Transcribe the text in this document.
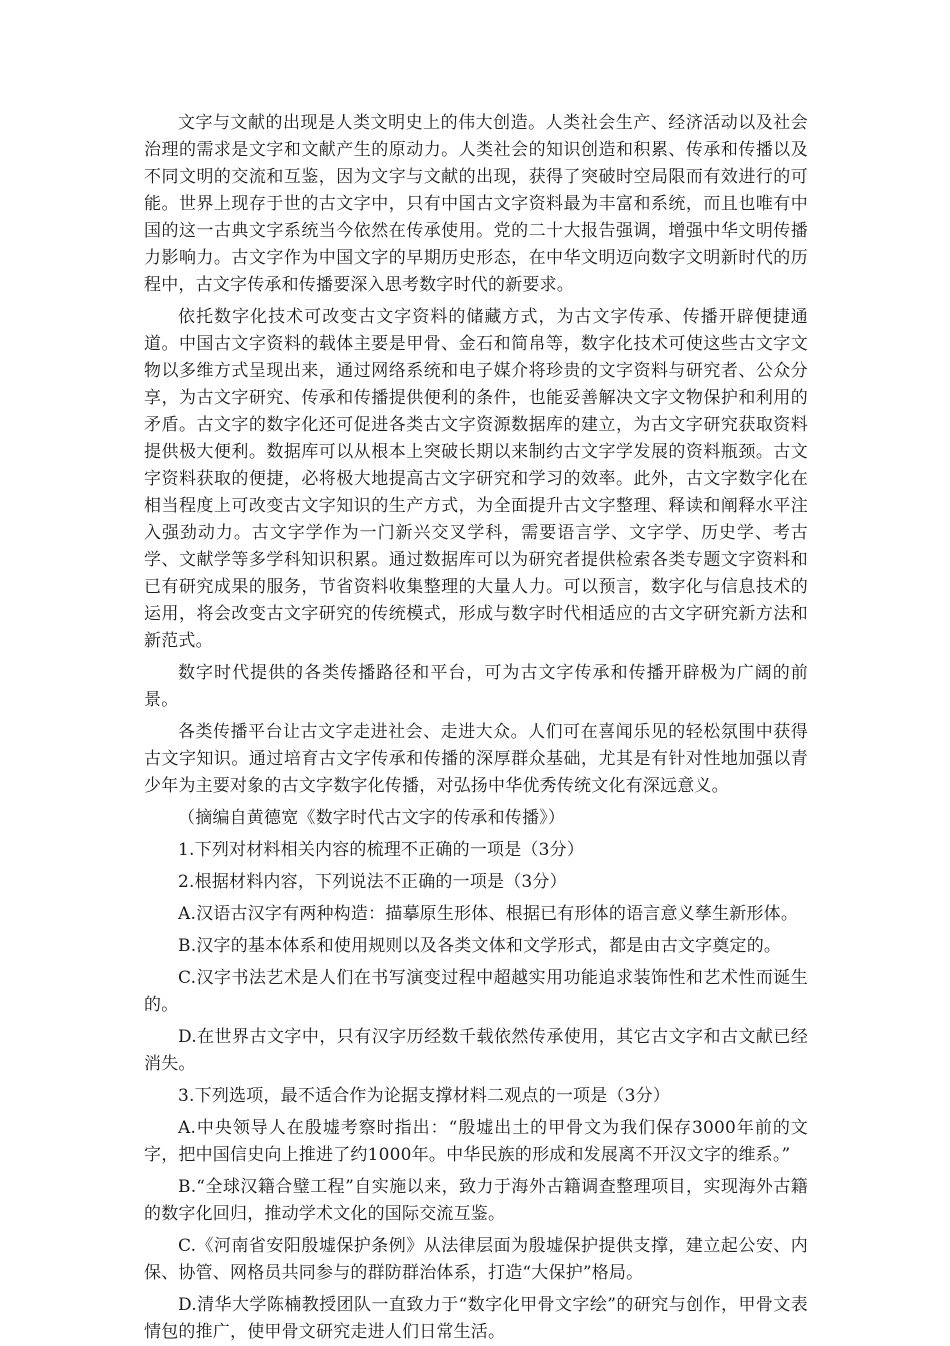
文字与文献的出现是人类文明史上的伟大创造。人类社会生产、经济活动以及社会治理的需求是文字和文献产生的原动力。人类社会的知识创造和积累、传承和传播以及不同文明的交流和互鉴，因为文字与文献的出现，获得了突破时空局限而有效进行的可能。世界上现存于世的古文字中，只有中国古文字资料最为丰富和系统，而且也唯有中国的这一古典文字系统当今依然在传承使用。党的二十大报告强调，增强中华文明传播力影响力。古文字作为中国文字的早期历史形态，在中华文明迈向数字文明新时代的历程中，古文字传承和传播要深入思考数字时代的新要求。

依托数字化技术可改变古文字资料的储藏方式，为古文字传承、传播开辟便捷通道。中国古文字资料的载体主要是甲骨、金石和简帛等，数字化技术可使这些古文字文物以多维方式呈现出来，通过网络系统和电子媒介将珍贵的文字资料与研究者、公众分享，为古文字研究、传承和传播提供便利的条件，也能妥善解决文字文物保护和利用的矛盾。古文字的数字化还可促进各类古文字资源数据库的建立，为古文字研究获取资料提供极大便利。数据库可以从根本上突破长期以来制约古文字学发展的资料瓶颈。古文字资料获取的便捷，必将极大地提高古文字研究和学习的效率。此外，古文字数字化在相当程度上可改变古文字知识的生产方式，为全面提升古文字整理、释读和阐释水平注入强劲动力。古文字学作为一门新兴交叉学科，需要语言学、文字学、历史学、考古学、文献学等多学科知识积累。通过数据库可以为研究者提供检索各类专题文字资料和已有研究成果的服务，节省资料收集整理的大量人力。可以预言，数字化与信息技术的运用，将会改变古文字研究的传统模式，形成与数字时代相适应的古文字研究新方法和新范式。

数字时代提供的各类传播路径和平台，可为古文字传承和传播开辟极为广阔的前景。

各类传播平台让古文字走进社会、走进大众。人们可在喜闻乐见的轻松氛围中获得古文字知识。通过培育古文字传承和传播的深厚群众基础，尤其是有针对性地加强以青少年为主要对象的古文字数字化传播，对弘扬中华优秀传统文化有深远意义。

（摘编自黄德宽《数字时代古文字的传承和传播》）

1.下列对材料相关内容的梳理不正确的一项是（3分）

2.根据材料内容，下列说法不正确的一项是（3分）

A.汉语古汉字有两种构造：描摹原生形体、根据已有形体的语言意义孳生新形体。

B.汉字的基本体系和使用规则以及各类文体和文学形式，都是由古文字奠定的。

C.汉字书法艺术是人们在书写演变过程中超越实用功能追求装饰性和艺术性而诞生的。

D.在世界古文字中，只有汉字历经数千载依然传承使用，其它古文字和古文献已经消失。

3.下列选项，最不适合作为论据支撑材料二观点的一项是（3分）

A.中央领导人在殷墟考察时指出：“殷墟出土的甲骨文为我们保存3000年前的文字，把中国信史向上推进了约1000年。中华民族的形成和发展离不开汉文字的维系。”

B.“全球汉籍合璧工程”自实施以来，致力于海外古籍调查整理项目，实现海外古籍的数字化回归，推动学术文化的国际交流互鉴。

C.《河南省安阳殷墟保护条例》从法律层面为殷墟保护提供支撑，建立起公安、内保、协管、网格员共同参与的群防群治体系，打造“大保护”格局。

D.清华大学陈楠教授团队一直致力于“数字化甲骨文字绘”的研究与创作，甲骨文表情包的推广，使甲骨文研究走进人们日常生活。
